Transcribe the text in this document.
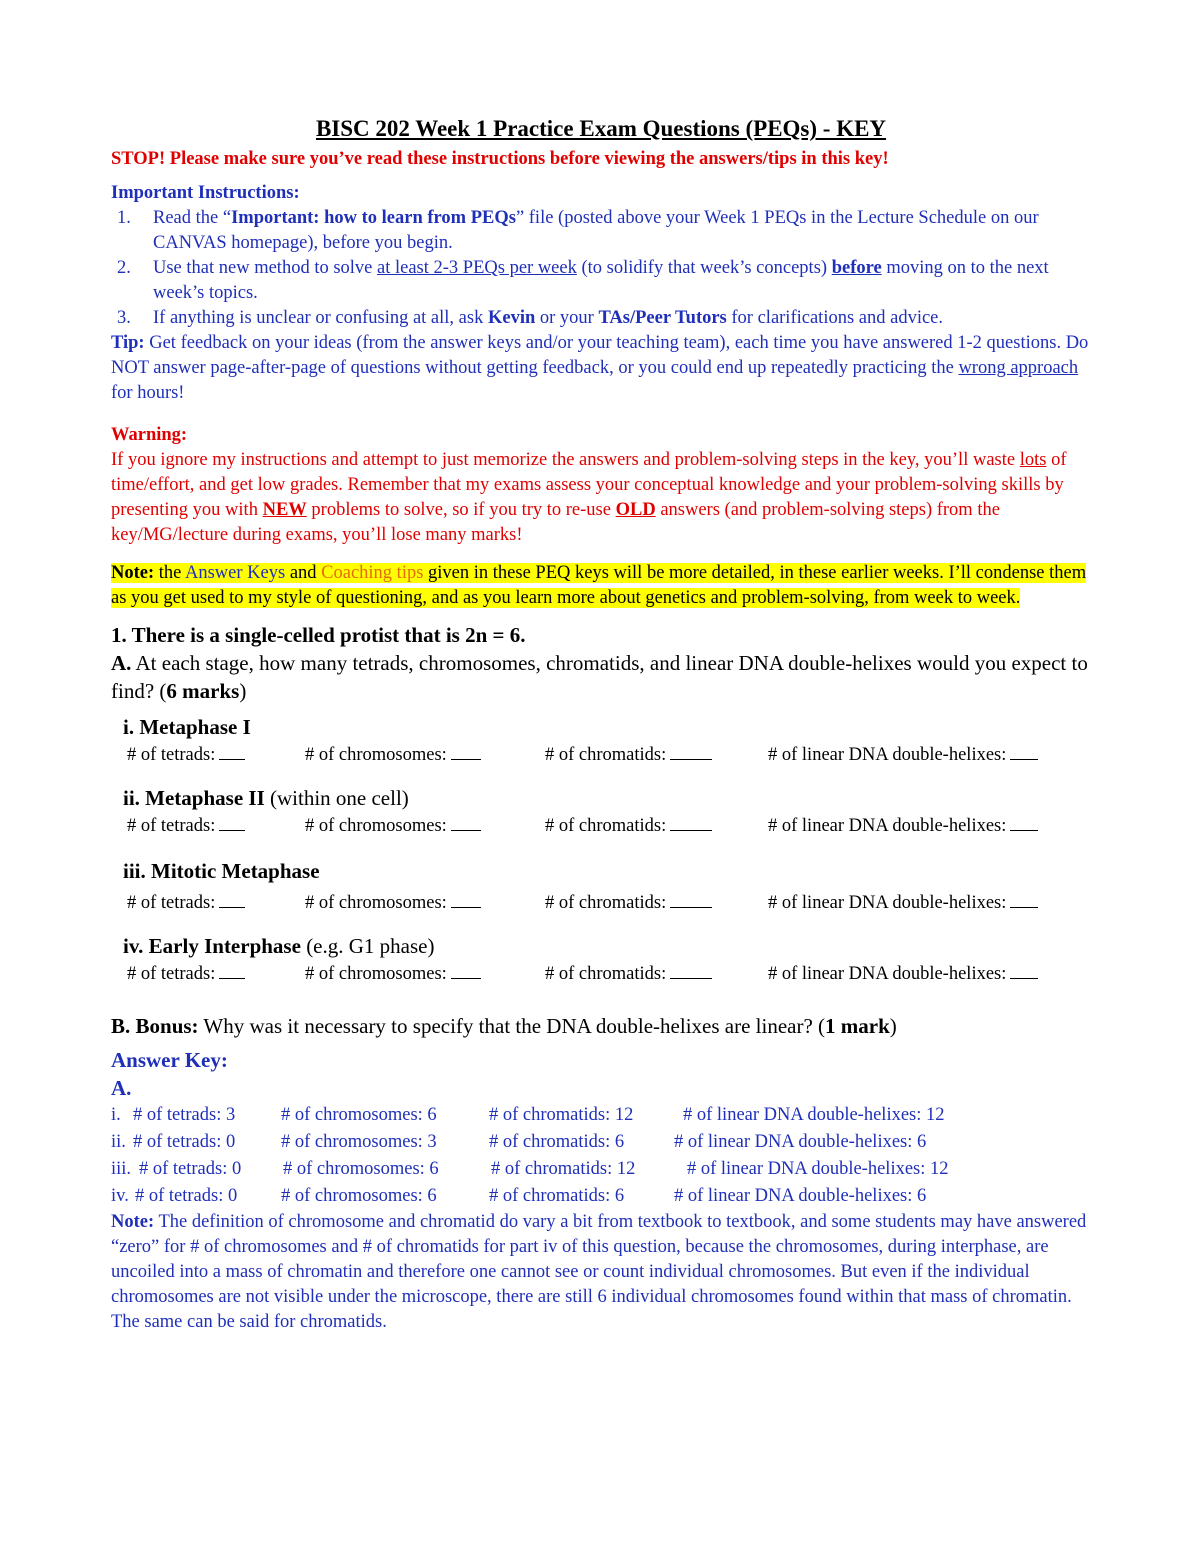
BISC 202 Week 1 Practice Exam Questions (PEQs) - KEY
STOP! Please make sure you’ve read these instructions before viewing the answers/tips in this key!
Important Instructions:
1. Read the “Important: how to learn from PEQs” file (posted above your Week 1 PEQs in the Lecture Schedule on our CANVAS homepage), before you begin.
2. Use that new method to solve at least 2-3 PEQs per week (to solidify that week’s concepts) before moving on to the next week’s topics.
3. If anything is unclear or confusing at all, ask Kevin or your TAs/Peer Tutors for clarifications and advice.
Tip: Get feedback on your ideas (from the answer keys and/or your teaching team), each time you have answered 1-2 questions. Do NOT answer page-after-page of questions without getting feedback, or you could end up repeatedly practicing the wrong approach for hours!
Warning:
If you ignore my instructions and attempt to just memorize the answers and problem-solving steps in the key, you’ll waste lots of time/effort, and get low grades. Remember that my exams assess your conceptual knowledge and your problem-solving skills by presenting you with NEW problems to solve, so if you try to re-use OLD answers (and problem-solving steps) from the key/MG/lecture during exams, you’ll lose many marks!
Note: the Answer Keys and Coaching tips given in these PEQ keys will be more detailed, in these earlier weeks. I’ll condense them as you get used to my style of questioning, and as you learn more about genetics and problem-solving, from week to week.
1. There is a single-celled protist that is 2n = 6.
A. At each stage, how many tetrads, chromosomes, chromatids, and linear DNA double-helixes would you expect to find? (6 marks)
i. Metaphase I
# of tetrads:	# of chromosomes:	# of chromatids:	# of linear DNA double-helixes:
ii. Metaphase II (within one cell)
# of tetrads:	# of chromosomes:	# of chromatids:	# of linear DNA double-helixes:
iii. Mitotic Metaphase
# of tetrads:	# of chromosomes:	# of chromatids:	# of linear DNA double-helixes:
iv. Early Interphase (e.g. G1 phase)
# of tetrads:	# of chromosomes:	# of chromatids:	# of linear DNA double-helixes:
B. Bonus: Why was it necessary to specify that the DNA double-helixes are linear? (1 mark)
Answer Key:
A.
i. # of tetrads: 3 # of chromosomes: 6	# of chromatids: 12	# of linear DNA double-helixes: 12
ii. # of tetrads: 0 # of chromosomes: 3	# of chromatids: 6	# of linear DNA double-helixes: 6
iii. # of tetrads: 0 # of chromosomes: 6	# of chromatids: 12	# of linear DNA double-helixes: 12
iv. # of tetrads: 0 # of chromosomes: 6	# of chromatids: 6	# of linear DNA double-helixes: 6
Note: The definition of chromosome and chromatid do vary a bit from textbook to textbook, and some students may have answered “zero” for # of chromosomes and # of chromatids for part iv of this question, because the chromosomes, during interphase, are uncoiled into a mass of chromatin and therefore one cannot see or count individual chromosomes. But even if the individual chromosomes are not visible under the microscope, there are still 6 individual chromosomes found within that mass of chromatin. The same can be said for chromatids.
